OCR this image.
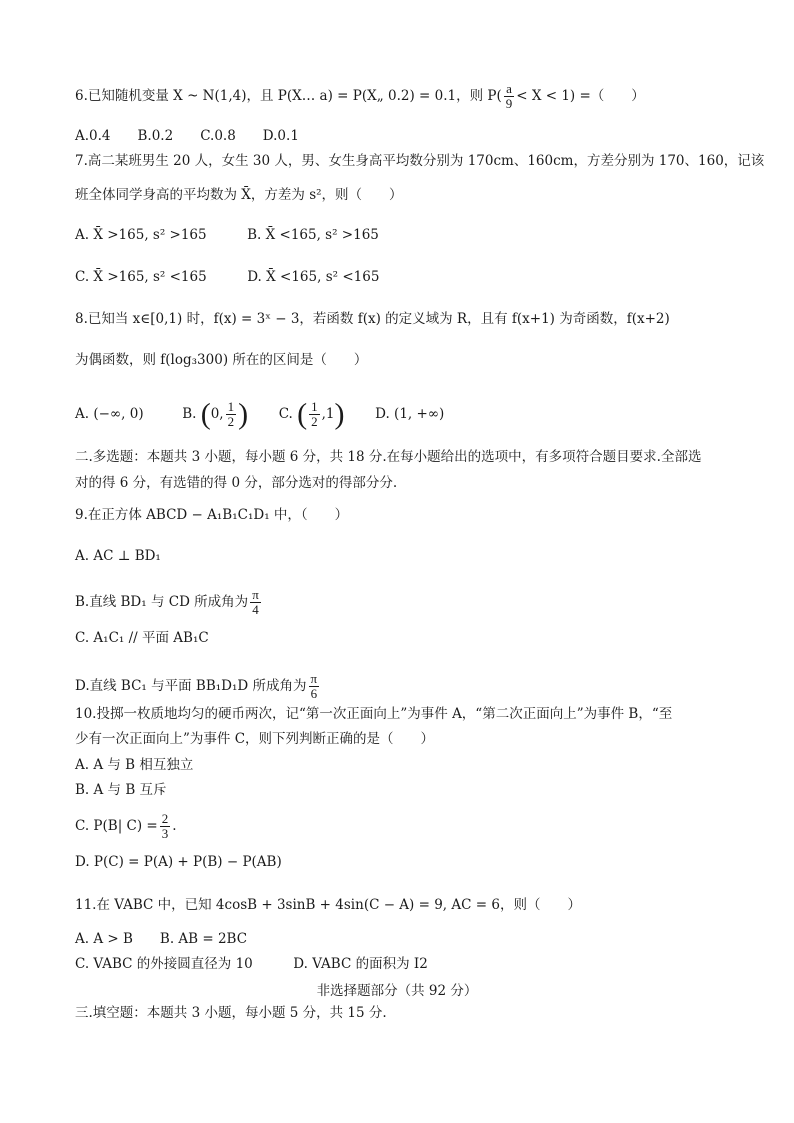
6.已知随机变量 X ~ N(1,4)，且 P(X… a) = P(X„ 0.2) = 0.1，则 $P( \frac{a}{9} < X < 1)$ =（　　）
A.0.4　　B.0.2　　C.0.8　　D.0.1
7.高二某班男生 20 人，女生 30 人，男、女生身高平均数分别为 170cm、160cm，方差分别为 170、160，记该
班全体同学身高的平均数为 X̄，方差为 s²，则（　　）
A. X̄ >165, s² >165　　　B. X̄ <165, s² >165
C. X̄ >165, s² <165　　　D. X̄ <165, s² <165
8.已知当 x∈[0,1) 时，f(x) = 3ˣ − 3，若函数 f(x) 的定义域为 R，且有 f(x+1) 为奇函数，f(x+2)
为偶函数，则 f(log₃300) 所在的区间是（　　）
A. (−∞, 0)	B. (0, $\frac{1}{2}$ ) C. ( $\frac{1}{2} ,1$) D. (1, +∞)
二.多选题：本题共 3 小题，每小题 6 分，共 18 分.在每小题给出的选项中，有多项符合题目要求.全部选
对的得 6 分，有选错的得 0 分，部分选对的得部分分.
9.在正方体 ABCD − A₁B₁C₁D₁ 中，（　　）
A. AC ⊥ BD₁
B.直线 BD₁ 与 CD 所成角为 $\frac{\pi}{4}$
C. A₁C₁ // 平面 AB₁C
D.直线 BC₁ 与平面 BB₁D₁D 所成角为 $\frac{\pi}{6}$
10.投掷一枚质地均匀的硬币两次，记“第一次正面向上”为事件 A，“第二次正面向上”为事件 B，“至
少有一次正面向上”为事件 C，则下列判断正确的是（　　）
A. A 与 B 相互独立
B. A 与 B 互斥
C. P(B| $C) = \frac{2}{3}$ .
D. P(C) = P(A) + P(B) − P(AB)
11.在 VABC 中，已知 4cosB + 3sinB + 4sin(C − A) = 9, AC = 6，则（　　）
A. A > B　　B. AB = 2BC
C. VABC 的外接圆直径为 10　　　D. VABC 的面积为 I2
非选择题部分（共 92 分）
三.填空题：本题共 3 小题，每小题 5 分，共 15 分.
